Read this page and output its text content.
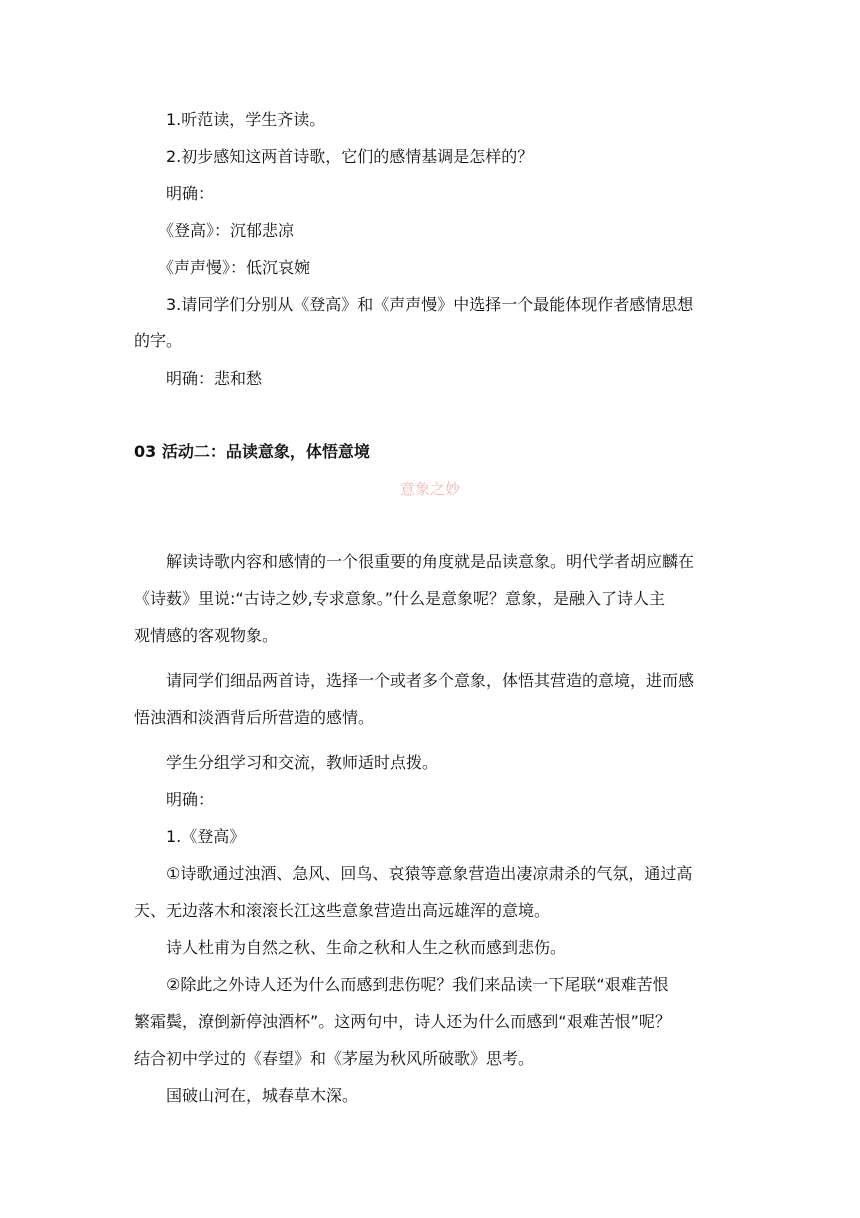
1.听范读，学生齐读。
2.初步感知这两首诗歌，它们的感情基调是怎样的？
明确：
《登高》：沉郁悲凉
《声声慢》：低沉哀婉
3.请同学们分别从《登高》和《声声慢》中选择一个最能体现作者感情思想
的字。
明确：悲和愁
03 活动二：品读意象，体悟意境
意象之妙
解读诗歌内容和感情的一个很重要的角度就是品读意象。明代学者胡应麟在
《诗薮》里说:“古诗之妙,专求意象。”什么是意象呢？意象，是融入了诗人主
观情感的客观物象。
请同学们细品两首诗，选择一个或者多个意象，体悟其营造的意境，进而感
悟浊酒和淡酒背后所营造的感情。
学生分组学习和交流，教师适时点拨。
明确：
1.《登高》
①诗歌通过浊酒、急风、回鸟、哀猿等意象营造出凄凉肃杀的气氛，通过高
天、无边落木和滚滚长江这些意象营造出高远雄浑的意境。
诗人杜甫为自然之秋、生命之秋和人生之秋而感到悲伤。
②除此之外诗人还为什么而感到悲伤呢？我们来品读一下尾联“艰难苦恨
繁霜鬓，潦倒新停浊酒杯”。这两句中，诗人还为什么而感到“艰难苦恨”呢？
结合初中学过的《春望》和《茅屋为秋风所破歌》思考。
国破山河在，城春草木深。
